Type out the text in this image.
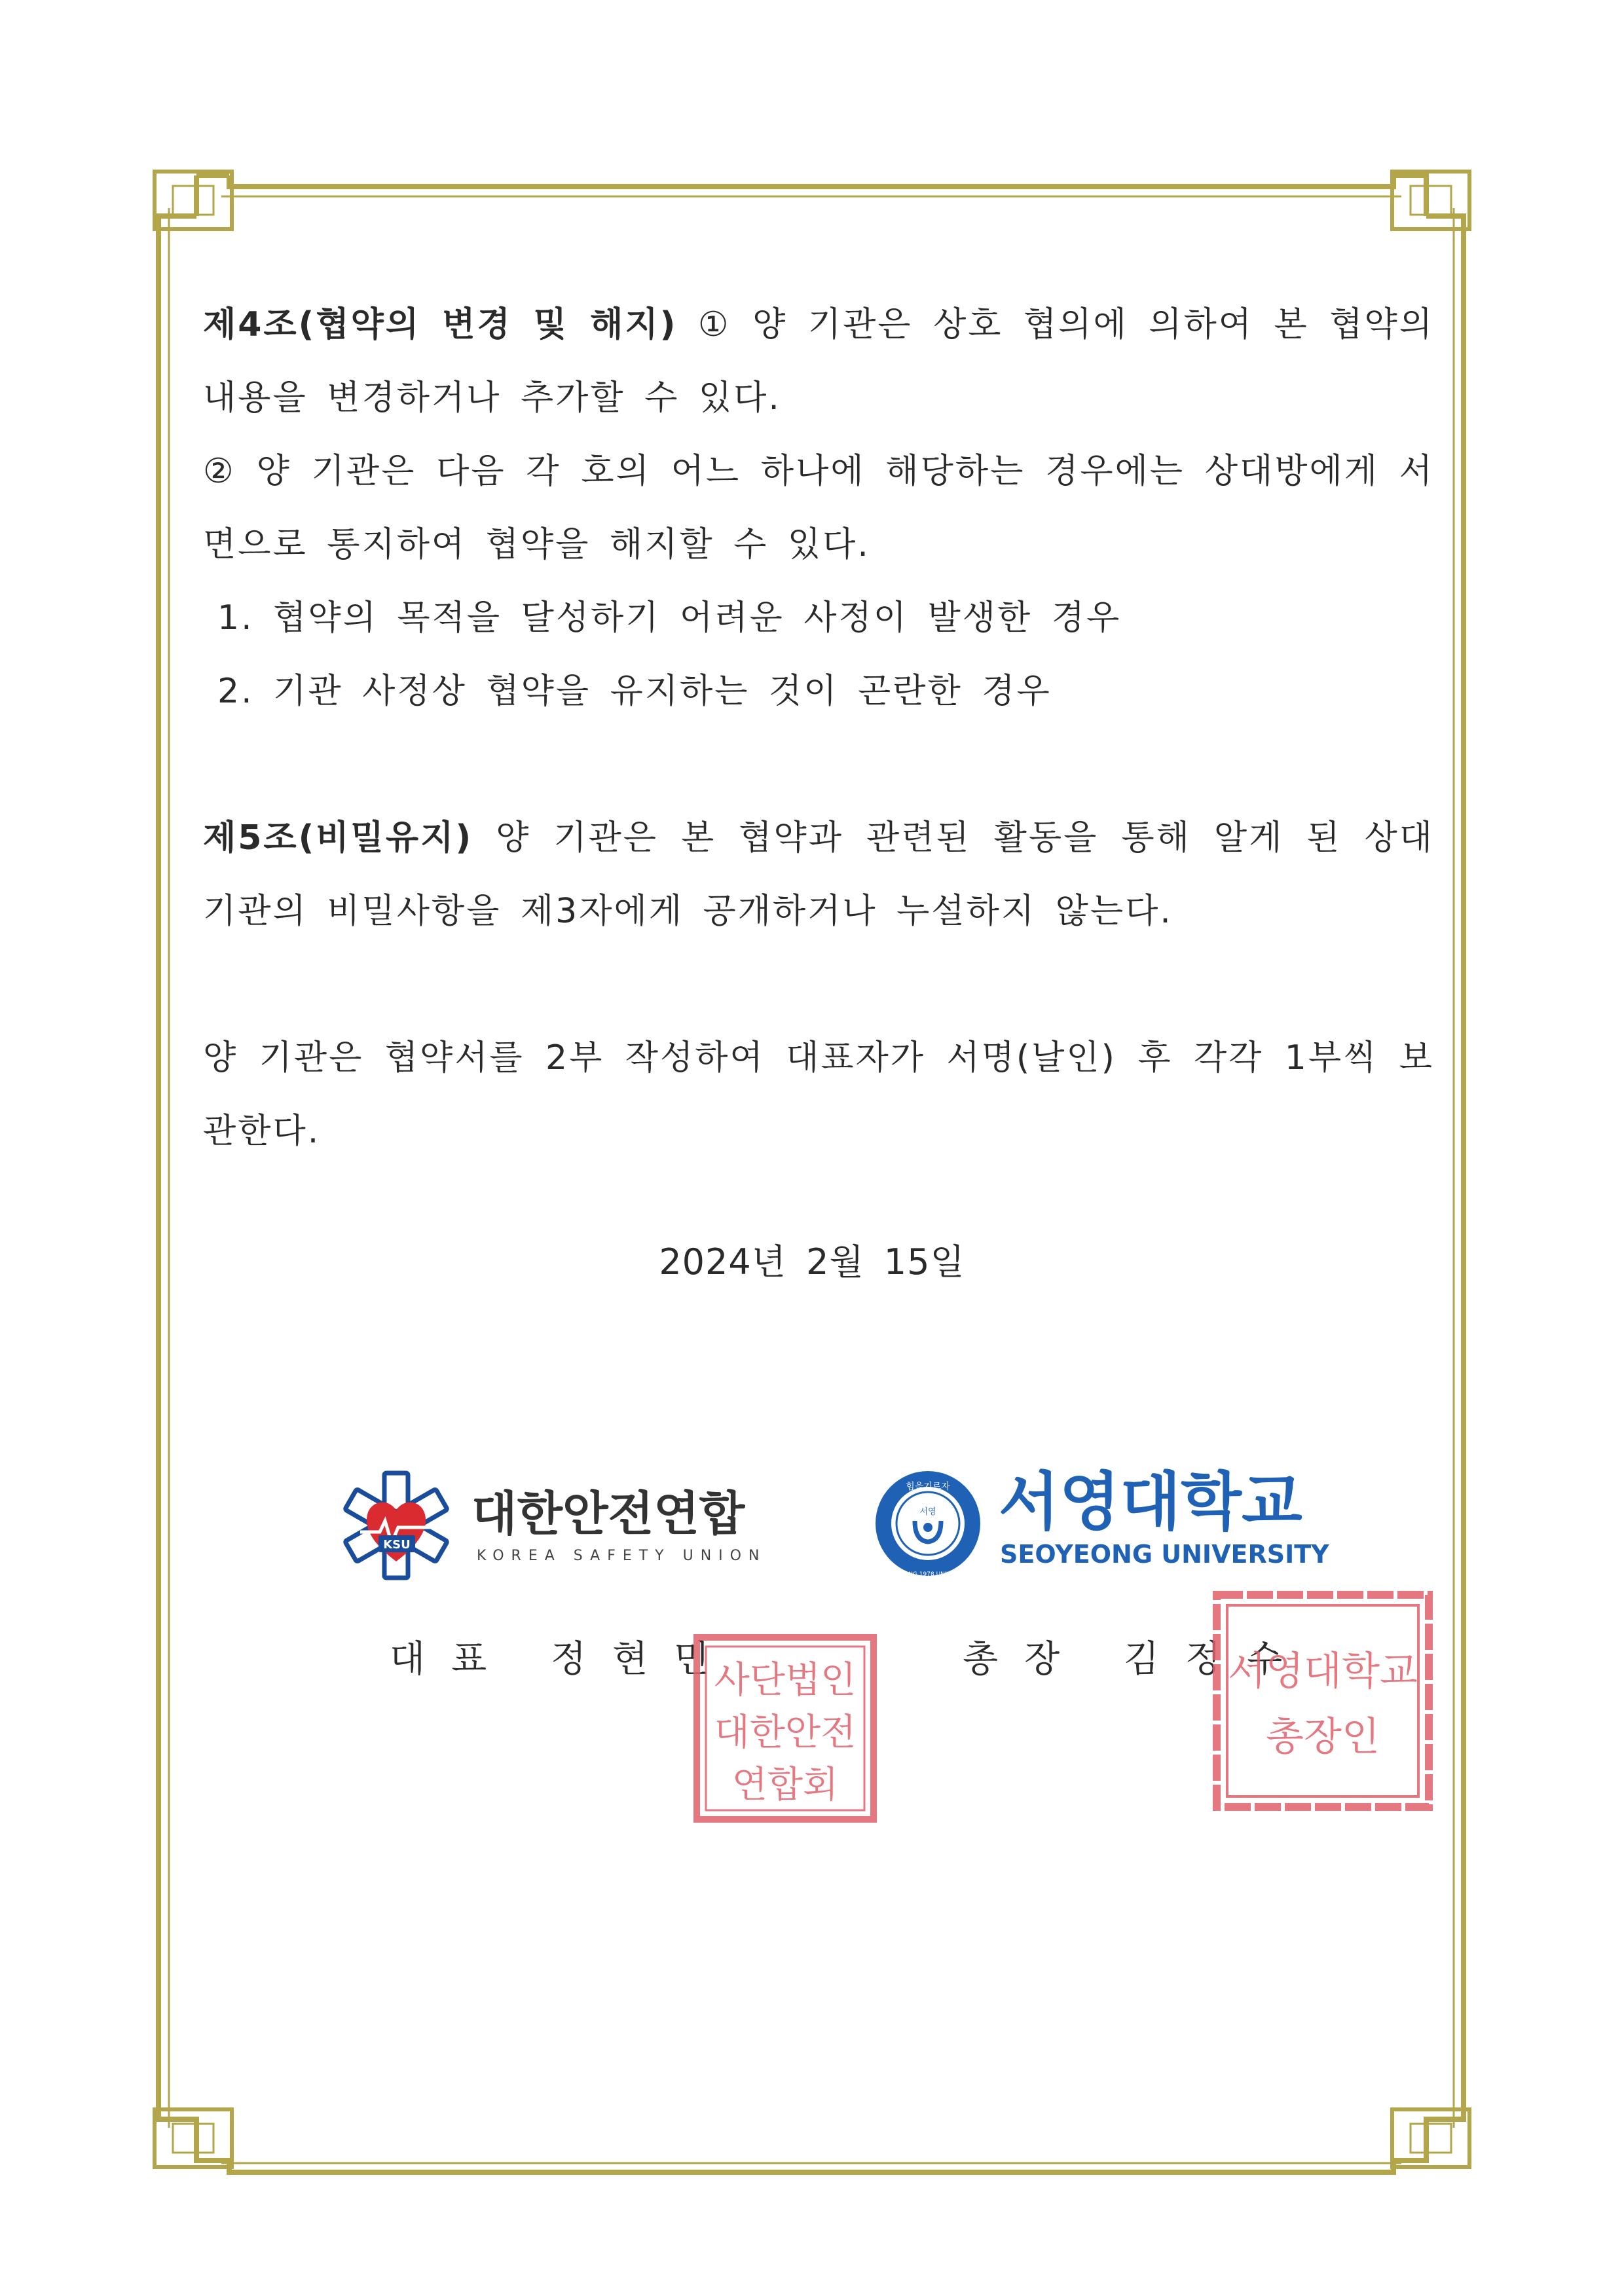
제4조(협약의 변경 및 해지) ① 양 기관은 상호 협의에 의하여 본 협약의 내용을 변경하거나 추가할 수 있다.

② 양 기관은 다음 각 호의 어느 하나에 해당하는 경우에는 상대방에게 서면으로 통지하여 협약을 해지할 수 있다.

1. 협약의 목적을 달성하기 어려운 사정이 발생한 경우
2. 기관 사정상 협약을 유지하는 것이 곤란한 경우

제5조(비밀유지) 양 기관은 본 협약과 관련된 활동을 통해 알게 된 상대 기관의 비밀사항을 제3자에게 공개하거나 누설하지 않는다.

양 기관은 협약서를 2부 작성하여 대표자가 서명(날인) 후 각각 1부씩 보관한다.

2024년 2월 15일
KSU
대한안전연합
KOREA SAFETY UNION
힘을기르자
SEOYEONG 1978 UNIVERSITY
서영 서영대학교
SEOYEONG UNIVERSITY
대표 정현민	총장 김정수
사단법인
대한안전
연합회
서영대학교
총장인
